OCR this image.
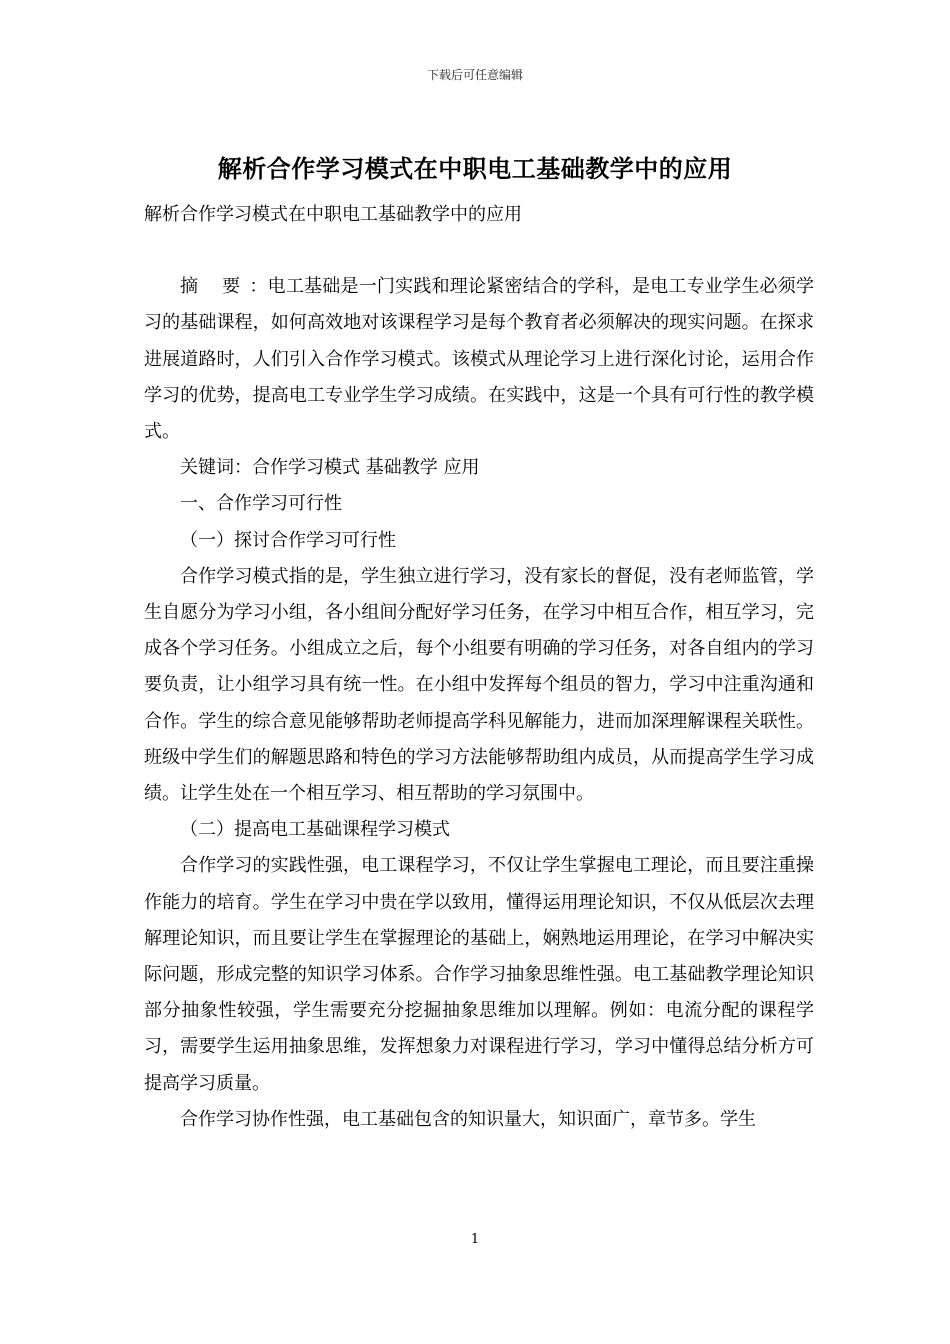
下载后可任意编辑
解析合作学习模式在中职电工基础教学中的应用

解析合作学习模式在中职电工基础教学中的应用

摘 要：电工基础是一门实践和理论紧密结合的学科，是电工专业学生必须学习的基础课程，如何高效地对该课程学习是每个教育者必须解决的现实问题。在探求进展道路时，人们引入合作学习模式。该模式从理论学习上进行深化讨论，运用合作学习的优势，提高电工专业学生学习成绩。在实践中，这是一个具有可行性的教学模式。

关键词：合作学习模式 基础教学 应用

一、合作学习可行性

（一）探讨合作学习可行性

合作学习模式指的是，学生独立进行学习，没有家长的督促，没有老师监管，学生自愿分为学习小组，各小组间分配好学习任务，在学习中相互合作，相互学习，完成各个学习任务。小组成立之后，每个小组要有明确的学习任务，对各自组内的学习要负责，让小组学习具有统一性。在小组中发挥每个组员的智力，学习中注重沟通和合作。学生的综合意见能够帮助老师提高学科见解能力，进而加深理解课程关联性。班级中学生们的解题思路和特色的学习方法能够帮助组内成员，从而提高学生学习成绩。让学生处在一个相互学习、相互帮助的学习氛围中。

（二）提高电工基础课程学习模式

合作学习的实践性强，电工课程学习，不仅让学生掌握电工理论，而且要注重操作能力的培育。学生在学习中贵在学以致用，懂得运用理论知识，不仅从低层次去理解理论知识，而且要让学生在掌握理论的基础上，娴熟地运用理论，在学习中解决实际问题，形成完整的知识学习体系。合作学习抽象思维性强。电工基础教学理论知识部分抽象性较强，学生需要充分挖掘抽象思维加以理解。例如：电流分配的课程学习，需要学生运用抽象思维，发挥想象力对课程进行学习，学习中懂得总结分析方可提高学习质量。

合作学习协作性强，电工基础包含的知识量大，知识面广，章节多。学生

1
